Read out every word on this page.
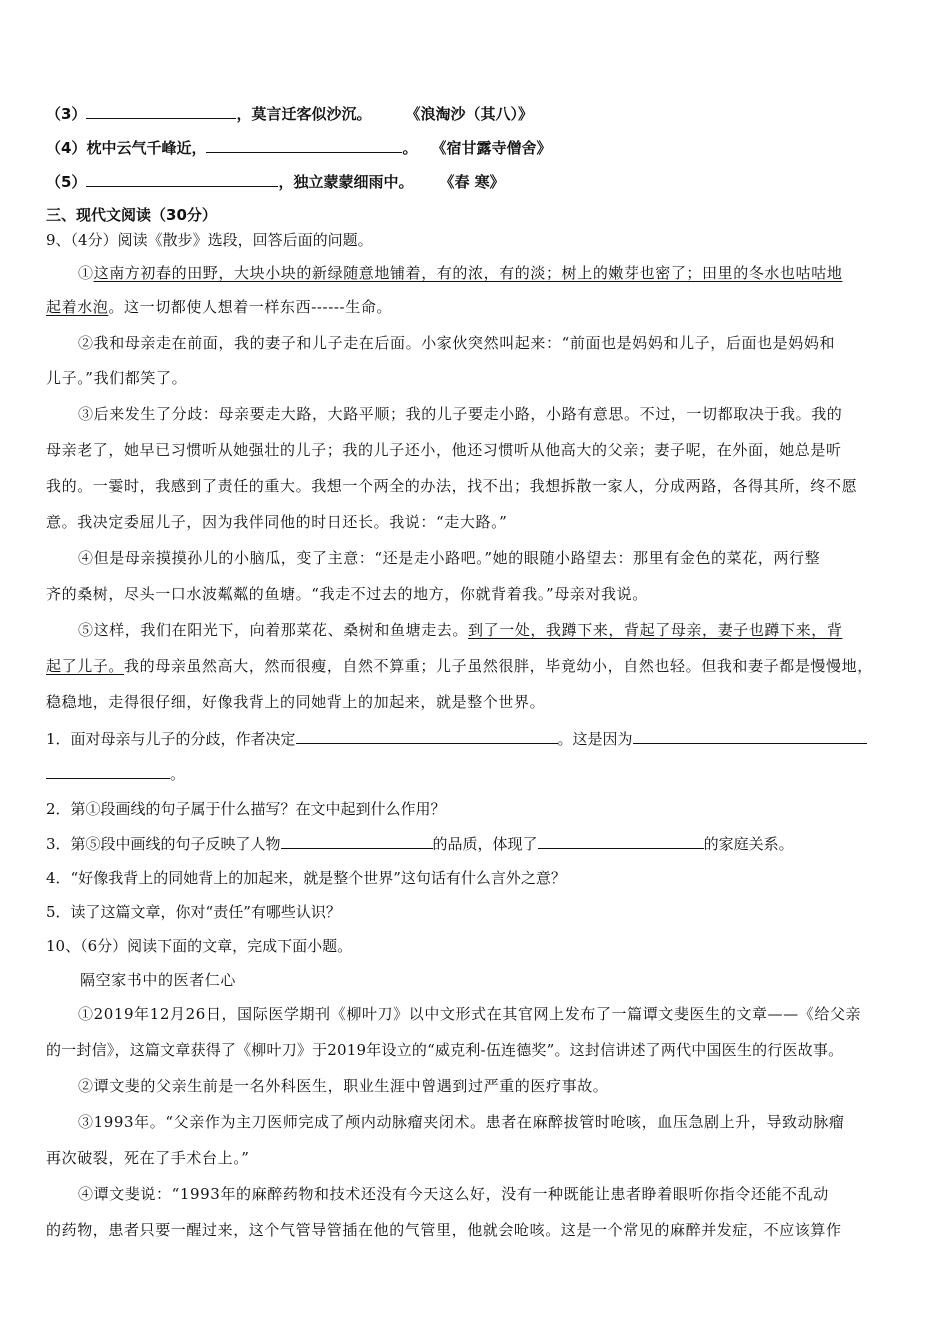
（3）	，莫言迁客似沙沉。 《浪淘沙（其八）》
（4）枕中云气千峰近，	。 《宿甘露寺僧舍》
（5）	，独立蒙蒙细雨中。 《春 寒》
三、现代文阅读（30分）
9、（4分）阅读《散步》选段，回答后面的问题。
①这南方初春的田野，大块小块的新绿随意地铺着，有的浓，有的淡；树上的嫩芽也密了；田里的冬水也咕咕地
起着水泡。这一切都使人想着一样东西------生命。
②我和母亲走在前面，我的妻子和儿子走在后面。小家伙突然叫起来：“前面也是妈妈和儿子，后面也是妈妈和
儿子。”我们都笑了。
③后来发生了分歧：母亲要走大路，大路平顺；我的儿子要走小路，小路有意思。不过，一切都取决于我。我的
母亲老了，她早已习惯听从她强壮的儿子；我的儿子还小，他还习惯听从他高大的父亲；妻子呢，在外面，她总是听
我的。一霎时，我感到了责任的重大。我想一个两全的办法，找不出；我想拆散一家人，分成两路，各得其所，终不愿
意。我决定委屈儿子，因为我伴同他的时日还长。我说：“走大路。”
④但是母亲摸摸孙儿的小脑瓜，变了主意：“还是走小路吧。”她的眼随小路望去：那里有金色的菜花，两行整
齐的桑树，尽头一口水波粼粼的鱼塘。“我走不过去的地方，你就背着我。”母亲对我说。
⑤这样，我们在阳光下，向着那菜花、桑树和鱼塘走去。到了一处，我蹲下来，背起了母亲，妻子也蹲下来，背
起了儿子。我的母亲虽然高大，然而很瘦，自然不算重；儿子虽然很胖，毕竟幼小，自然也轻。但我和妻子都是慢慢地，
稳稳地，走得很仔细，好像我背上的同她背上的加起来，就是整个世界。
1．面对母亲与儿子的分歧，作者决定	。这是因为
。
2．第①段画线的句子属于什么描写？在文中起到什么作用？
3．第⑤段中画线的句子反映了人物	的品质，体现了	的家庭关系。
4．“好像我背上的同她背上的加起来，就是整个世界”这句话有什么言外之意？
5．读了这篇文章，你对“责任”有哪些认识？
10、（6分）阅读下面的文章，完成下面小题。
隔空家书中的医者仁心
①2019年12月26日，国际医学期刊《柳叶刀》以中文形式在其官网上发布了一篇谭文斐医生的文章——《给父亲
的一封信》，这篇文章获得了《柳叶刀》于2019年设立的“威克利-伍连德奖”。这封信讲述了两代中国医生的行医故事。
②谭文斐的父亲生前是一名外科医生，职业生涯中曾遇到过严重的医疗事故。
③1993年。“父亲作为主刀医师完成了颅内动脉瘤夹闭术。患者在麻醉拔管时呛咳，血压急剧上升，导致动脉瘤
再次破裂，死在了手术台上。”
④谭文斐说：“1993年的麻醉药物和技术还没有今天这么好，没有一种既能让患者睁着眼听你指令还能不乱动
的药物，患者只要一醒过来，这个气管导管插在他的气管里，他就会呛咳。这是一个常见的麻醉并发症，不应该算作
